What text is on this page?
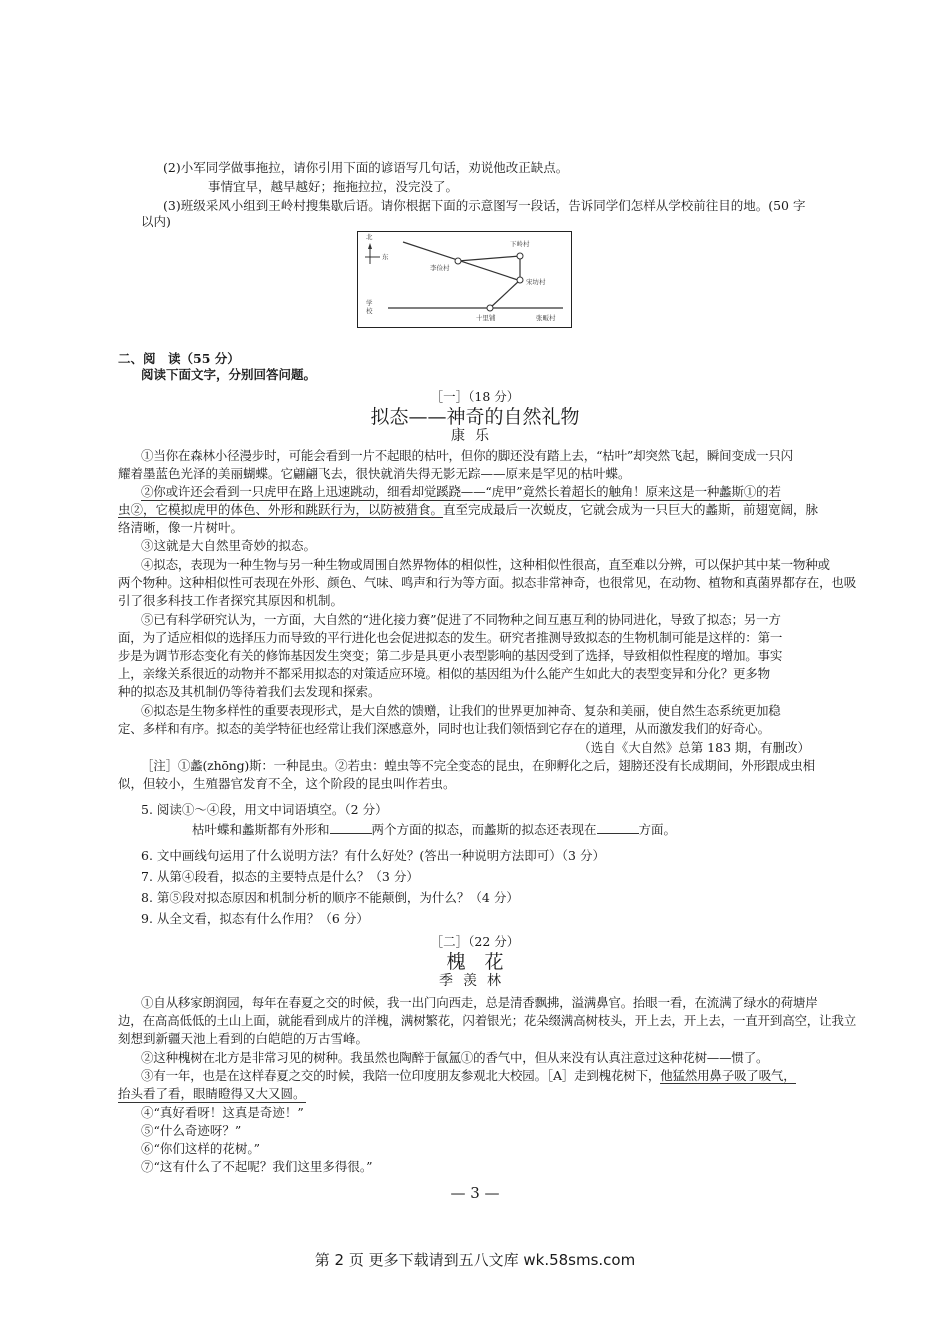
(2)小军同学做事拖拉，请你引用下面的谚语写几句话，劝说他改正缺点。
事情宜早，越早越好；拖拖拉拉，没完没了。
(3)班级采风小组到王岭村搜集歇后语。请你根据下面的示意图写一段话，告诉同学们怎样从学校前往目的地。(50 字
以内)
北
东
学校
李俭村
下岭村
宋坊村
十里铺	张畈村
二、阅　读（55 分）
阅读下面文字，分别回答问题。
［一］（18 分）
拟态——神奇的自然礼物
康乐
①当你在森林小径漫步时，可能会看到一片不起眼的枯叶，但你的脚还没有踏上去，“枯叶”却突然飞起，瞬间变成一只闪
耀着墨蓝色光泽的美丽蝴蝶。它翩翩飞去，很快就消失得无影无踪——原来是罕见的枯叶蝶。
②你或许还会看到一只虎甲在路上迅速跳动，细看却觉蹊跷——“虎甲”竟然长着超长的触角！原来这是一种蠡斯①的若
虫②，它模拟虎甲的体色、外形和跳跃行为，以防被猎食。直至完成最后一次蜕皮，它就会成为一只巨大的蠡斯，前翅宽阔，脉
络清晰，像一片树叶。
③这就是大自然里奇妙的拟态。
④拟态，表现为一种生物与另一种生物或周围自然界物体的相似性，这种相似性很高，直至难以分辨，可以保护其中某一物种或
两个物种。这种相似性可表现在外形、颜色、气味、鸣声和行为等方面。拟态非常神奇，也很常见，在动物、植物和真菌界都存在，也吸
引了很多科技工作者探究其原因和机制。
⑤已有科学研究认为，一方面，大自然的“进化接力赛”促进了不同物种之间互惠互利的协同进化，导致了拟态；另一方
面，为了适应相似的选择压力而导致的平行进化也会促进拟态的发生。研究者推测导致拟态的生物机制可能是这样的：第一
步是为调节形态变化有关的修饰基因发生突变；第二步是具更小表型影响的基因受到了选择，导致相似性程度的增加。事实
上，亲缘关系很近的动物并不都采用拟态的对策适应环境。相似的基因组为什么能产生如此大的表型变异和分化？更多物
种的拟态及其机制仍等待着我们去发现和探索。
⑥拟态是生物多样性的重要表现形式，是大自然的馈赠，让我们的世界更加神奇、复杂和美丽，使自然生态系统更加稳
定、多样和有序。拟态的美学特征也经常让我们深感意外，同时也让我们领悟到它存在的道理，从而激发我们的好奇心。
（选自《大自然》总第 183 期，有删改）
［注］①蠡(zhōng)斯：一种昆虫。②若虫：蝗虫等不完全变态的昆虫，在卵孵化之后，翅膀还没有长成期间，外形跟成虫相
似，但较小，生殖器官发育不全，这个阶段的昆虫叫作若虫。
5. 阅读①～④段，用文中词语填空。（2 分）
枯叶蝶和蠡斯都有外形和	两个方面的拟态，而蠡斯的拟态还表现在	方面。
6. 文中画线句运用了什么说明方法？有什么好处？(答出一种说明方法即可）（3 分）
7. 从第④段看，拟态的主要特点是什么？（3 分）
8. 第⑤段对拟态原因和机制分析的顺序不能颠倒，为什么？（4 分）
9. 从全文看，拟态有什么作用？（6 分）
［二］（22 分）
槐　花
季羡林
①自从移家朗润园，每年在春夏之交的时候，我一出门向西走，总是清香飘拂，溢满鼻官。抬眼一看，在流满了绿水的荷塘岸
边，在高高低低的土山上面，就能看到成片的洋槐，满树繁花，闪着银光；花朵缀满高树枝头，开上去，开上去，一直开到高空，让我立
刻想到新疆天池上看到的白皑皑的万古雪峰。
②这种槐树在北方是非常习见的树种。我虽然也陶醉于氤氲①的香气中，但从来没有认真注意过这种花树——惯了。
③有一年，也是在这样春夏之交的时候，我陪一位印度朋友参观北大校园。［A］走到槐花树下，他猛然用鼻子吸了吸气，
抬头看了看，眼睛瞪得又大又圆。
④“真好看呀！这真是奇迹！”
⑤“什么奇迹呀？”
⑥“你们这样的花树。”
⑦“这有什么了不起呢？我们这里多得很。”
— 3 —
第 2 页 更多下载请到五八文库 wk.58sms.com
